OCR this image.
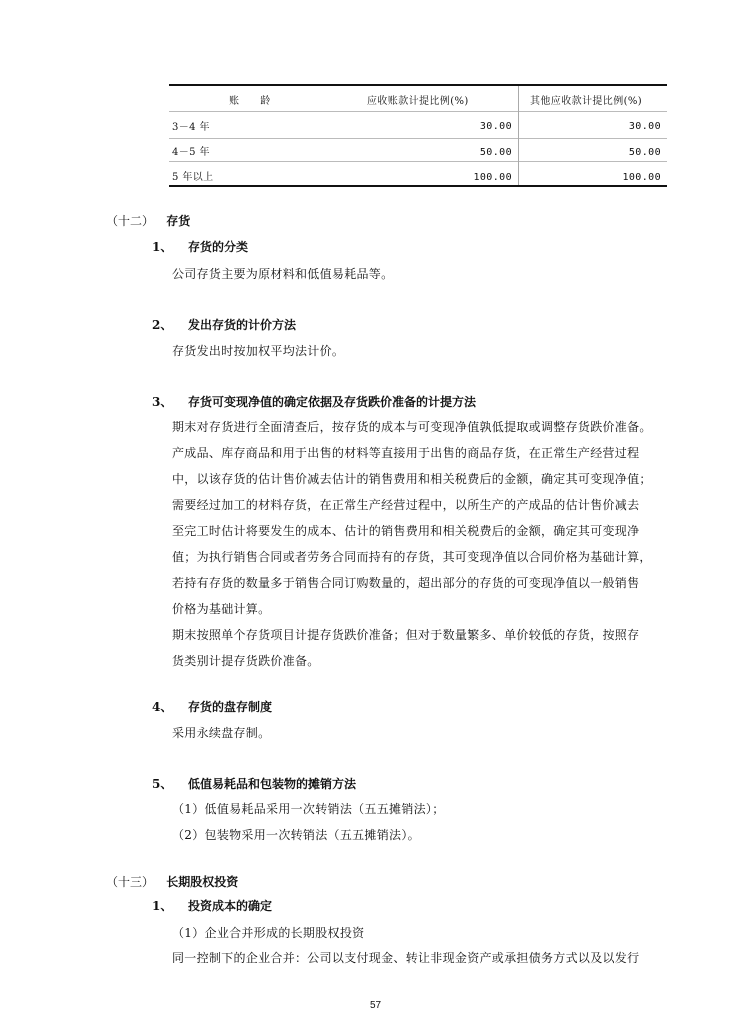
账　　龄	应收账款计提比例(%)	其他应收款计提比例(%)
3－4 年	30.00	30.00
4－5 年	50.00	50.00
5 年以上	100.00	100.00
（十二） 存货
1、 存货的分类
公司存货主要为原材料和低值易耗品等。
2、 发出存货的计价方法
存货发出时按加权平均法计价。
3、 存货可变现净值的确定依据及存货跌价准备的计提方法
期末对存货进行全面清查后，按存货的成本与可变现净值孰低提取或调整存货跌价准备。
产成品、库存商品和用于出售的材料等直接用于出售的商品存货，在正常生产经营过程
中，以该存货的估计售价减去估计的销售费用和相关税费后的金额，确定其可变现净值；
需要经过加工的材料存货，在正常生产经营过程中，以所生产的产成品的估计售价减去
至完工时估计将要发生的成本、估计的销售费用和相关税费后的金额，确定其可变现净
值；为执行销售合同或者劳务合同而持有的存货，其可变现净值以合同价格为基础计算，
若持有存货的数量多于销售合同订购数量的，超出部分的存货的可变现净值以一般销售
价格为基础计算。
期末按照单个存货项目计提存货跌价准备；但对于数量繁多、单价较低的存货，按照存
货类别计提存货跌价准备。
4、 存货的盘存制度
采用永续盘存制。
5、 低值易耗品和包装物的摊销方法
（1）低值易耗品采用一次转销法（五五摊销法）；
（2）包装物采用一次转销法（五五摊销法）。
（十三） 长期股权投资
1、 投资成本的确定
（1）企业合并形成的长期股权投资
同一控制下的企业合并：公司以支付现金、转让非现金资产或承担债务方式以及以发行
57
